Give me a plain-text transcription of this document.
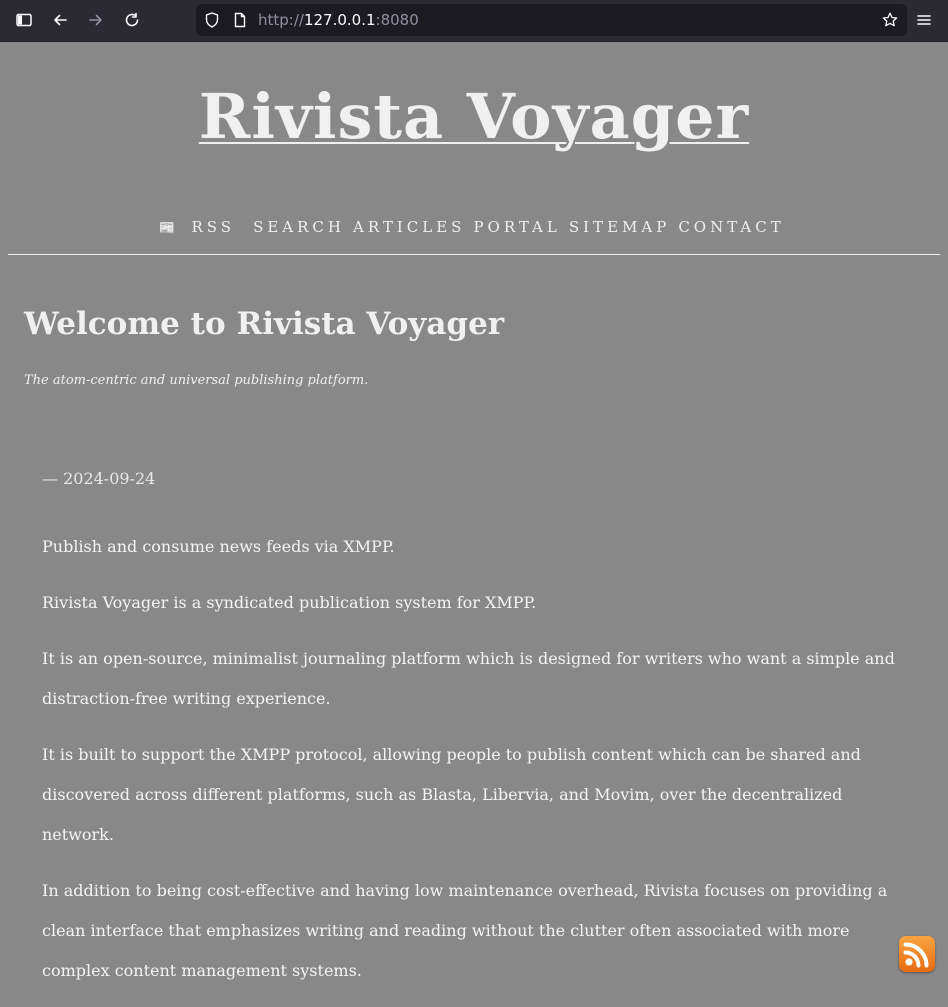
http://127.0.0.1:8080
Rivista Voyager
📰 RSS SEARCH ARTICLES PORTAL SITEMAP CONTACT
Welcome to Rivista Voyager

The atom-centric and universal publishing platform.

— 2024-09-24

Publish and consume news feeds via XMPP.

Rivista Voyager is a syndicated publication system for XMPP.

It is an open-source, minimalist journaling platform which is designed for writers who want a simple and distraction-free writing experience.

It is built to support the XMPP protocol, allowing people to publish content which can be shared and discovered across different platforms, such as Blasta, Libervia, and Movim, over the decentralized network.

In addition to being cost-effective and having low maintenance overhead, Rivista focuses on providing a clean interface that emphasizes writing and reading without the clutter often associated with more complex content management systems.
